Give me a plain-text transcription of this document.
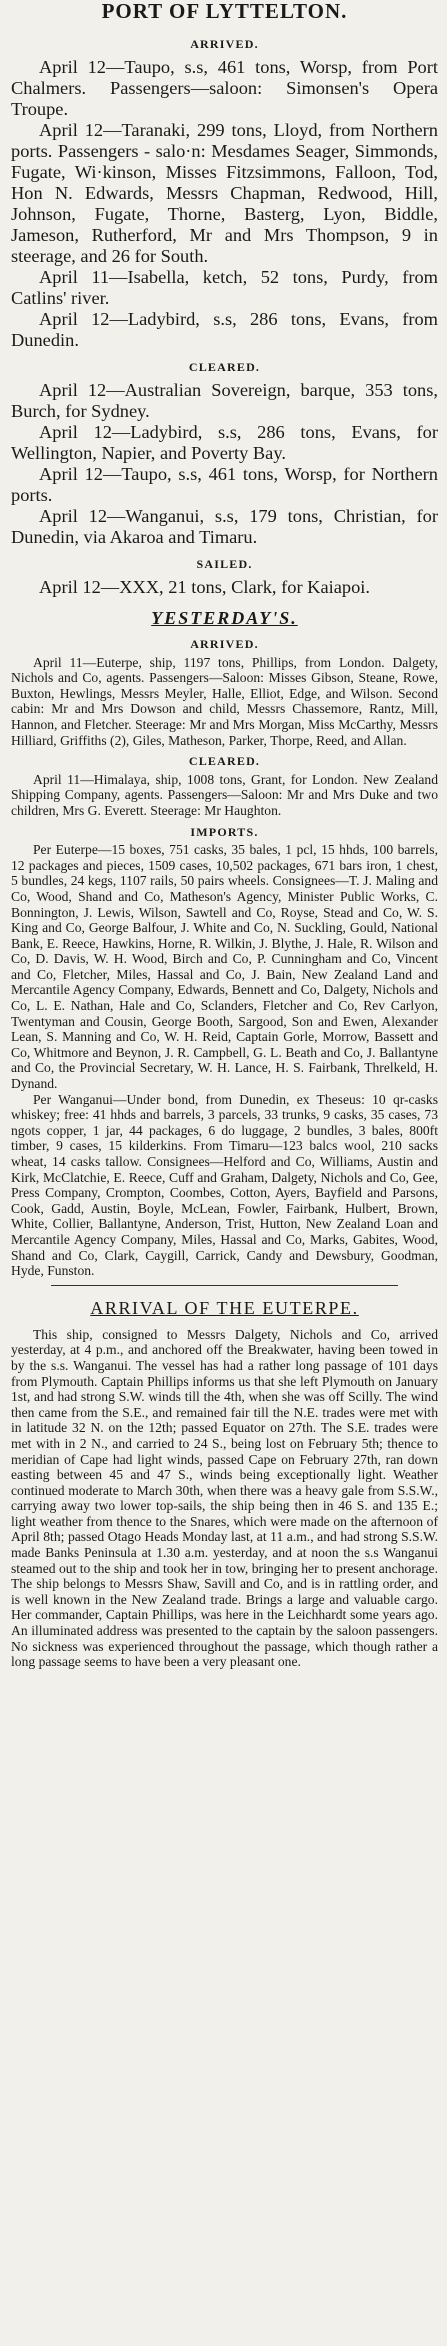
PORT OF LYTTELTON.
ARRIVED.

April 12—Taupo, s.s, 461 tons, Worsp, from Port Chalmers. Passengers—saloon: Simonsen's Opera Troupe.

April 12—Taranaki, 299 tons, Lloyd, from Northern ports. Passengers - salo·n: Mesdames Seager, Simmonds, Fugate, Wi·kinson, Misses Fitzsimmons, Falloon, Tod, Hon N. Edwards, Messrs Chapman, Redwood, Hill, Johnson, Fugate, Thorne, Basterg, Lyon, Biddle, Jameson, Rutherford, Mr and Mrs Thompson, 9 in steerage, and 26 for South.

April 11—Isabella, ketch, 52 tons, Purdy, from Catlins' river.

April 12—Ladybird, s.s, 286 tons, Evans, from Dunedin.

CLEARED.

April 12—Australian Sovereign, barque, 353 tons, Burch, for Sydney.

April 12—Ladybird, s.s, 286 tons, Evans, for Wellington, Napier, and Poverty Bay.

April 12—Taupo, s.s, 461 tons, Worsp, for Northern ports.

April 12—Wanganui, s.s, 179 tons, Christian, for Dunedin, via Akaroa and Timaru.

SAILED.

April 12—XXX, 21 tons, Clark, for Kaiapoi.

YESTERDAY'S.
ARRIVED.

April 11—Euterpe, ship, 1197 tons, Phillips, from London. Dalgety, Nichols and Co, agents. Passengers—Saloon: Misses Gibson, Steane, Rowe, Buxton, Hewlings, Messrs Meyler, Halle, Elliot, Edge, and Wilson. Second cabin: Mr and Mrs Dowson and child, Messrs Chassemore, Rantz, Mill, Hannon, and Fletcher. Steerage: Mr and Mrs Morgan, Miss McCarthy, Messrs Hilliard, Griffiths (2), Giles, Matheson, Parker, Thorpe, Reed, and Allan.

CLEARED.

April 11—Himalaya, ship, 1008 tons, Grant, for London. New Zealand Shipping Company, agents. Passengers—Saloon: Mr and Mrs Duke and two children, Mrs G. Everett. Steerage: Mr Haughton.

IMPORTS.

Per Euterpe—15 boxes, 751 casks, 35 bales, 1 pcl, 15 hhds, 100 barrels, 12 packages and pieces, 1509 cases, 10,502 packages, 671 bars iron, 1 chest, 5 bundles, 24 kegs, 1107 rails, 50 pairs wheels. Consignees—T. J. Maling and Co, Wood, Shand and Co, Matheson's Agency, Minister Public Works, C. Bonnington, J. Lewis, Wilson, Sawtell and Co, Royse, Stead and Co, W. S. King and Co, George Balfour, J. White and Co, N. Suckling, Gould, National Bank, E. Reece, Hawkins, Horne, R. Wilkin, J. Blythe, J. Hale, R. Wilson and Co, D. Davis, W. H. Wood, Birch and Co, P. Cunningham and Co, Vincent and Co, Fletcher, Miles, Hassal and Co, J. Bain, New Zealand Land and Mercantile Agency Company, Edwards, Bennett and Co, Dalgety, Nichols and Co, L. E. Nathan, Hale and Co, Sclanders, Fletcher and Co, Rev Carlyon, Twentyman and Cousin, George Booth, Sargood, Son and Ewen, Alexander Lean, S. Manning and Co, W. H. Reid, Captain Gorle, Morrow, Bassett and Co, Whitmore and Beynon, J. R. Campbell, G. L. Beath and Co, J. Ballantyne and Co, the Provincial Secretary, W. H. Lance, H. S. Fairbank, Threlkeld, H. Dynand.

Per Wanganui—Under bond, from Dunedin, ex Theseus: 10 qr-casks whiskey; free: 41 hhds and barrels, 3 parcels, 33 trunks, 9 casks, 35 cases, 73 ngots copper, 1 jar, 44 packages, 6 do luggage, 2 bundles, 3 bales, 800ft timber, 9 cases, 15 kilderkins. From Timaru—123 balcs wool, 210 sacks wheat, 14 casks tallow. Consignees—Helford and Co, Williams, Austin and Kirk, McClatchie, E. Reece, Cuff and Graham, Dalgety, Nichols and Co, Gee, Press Company, Crompton, Coombes, Cotton, Ayers, Bayfield and Parsons, Cook, Gadd, Austin, Boyle, McLean, Fowler, Fairbank, Hulbert, Brown, White, Collier, Ballantyne, Anderson, Trist, Hutton, New Zealand Loan and Mercantile Agency Company, Miles, Hassal and Co, Marks, Gabites, Wood, Shand and Co, Clark, Caygill, Carrick, Candy and Dewsbury, Goodman, Hyde, Funston.

ARRIVAL OF THE EUTERPE.

This ship, consigned to Messrs Dalgety, Nichols and Co, arrived yesterday, at 4 p.m., and anchored off the Breakwater, having been towed in by the s.s. Wanganui. The vessel has had a rather long passage of 101 days from Plymouth. Captain Phillips informs us that she left Plymouth on January 1st, and had strong S.W. winds till the 4th, when she was off Scilly. The wind then came from the S.E., and remained fair till the N.E. trades were met with in latitude 32 N. on the 12th; passed Equator on 27th. The S.E. trades were met with in 2 N., and carried to 24 S., being lost on February 5th; thence to meridian of Cape had light winds, passed Cape on February 27th, ran down easting between 45 and 47 S., winds being exceptionally light. Weather continued moderate to March 30th, when there was a heavy gale from S.S.W., carrying away two lower top-sails, the ship being then in 46 S. and 135 E.; light weather from thence to the Snares, which were made on the afternoon of April 8th; passed Otago Heads Monday last, at 11 a.m., and had strong S.S.W. made Banks Peninsula at 1.30 a.m. yesterday, and at noon the s.s Wanganui steamed out to the ship and took her in tow, bringing her to present anchorage. The ship belongs to Messrs Shaw, Savill and Co, and is in rattling order, and is well known in the New Zealand trade. Brings a large and valuable cargo. Her commander, Captain Phillips, was here in the Leichhardt some years ago. An illuminated address was presented to the captain by the saloon passengers. No sickness was experienced throughout the passage, which though rather a long passage seems to have been a very pleasant one.
